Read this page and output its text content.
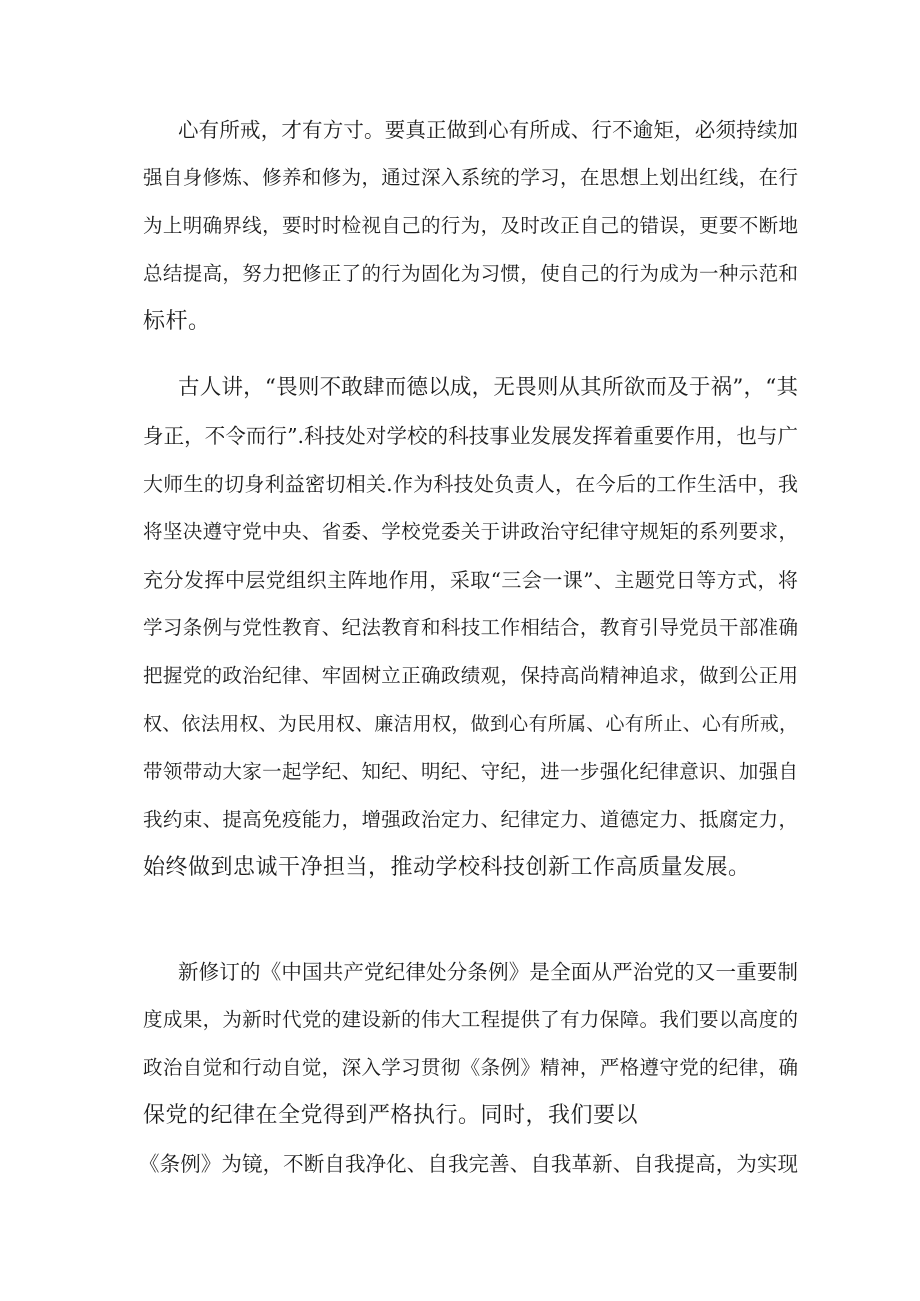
心有所戒，才有方寸。要真正做到心有所成、行不逾矩，必须持续加
强自身修炼、修养和修为，通过深入系统的学习，在思想上划出红线，在行
为上明确界线，要时时检视自己的行为，及时改正自己的错误，更要不断地
总结提高，努力把修正了的行为固化为习惯，使自己的行为成为一种示范和
标杆。
古人讲，“畏则不敢肆而德以成，无畏则从其所欲而及于祸”，“其
身正，不令而行”.科技处对学校的科技事业发展发挥着重要作用，也与广
大师生的切身利益密切相关.作为科技处负责人，在今后的工作生活中，我
将坚决遵守党中央、省委、学校党委关于讲政治守纪律守规矩的系列要求，
充分发挥中层党组织主阵地作用，采取“三会一课”、主题党日等方式，将
学习条例与党性教育、纪法教育和科技工作相结合，教育引导党员干部准确
把握党的政治纪律、牢固树立正确政绩观，保持高尚精神追求，做到公正用
权、依法用权、为民用权、廉洁用权，做到心有所属、心有所止、心有所戒，
带领带动大家一起学纪、知纪、明纪、守纪，进一步强化纪律意识、加强自
我约束、提高免疫能力，增强政治定力、纪律定力、道德定力、抵腐定力，
始终做到忠诚干净担当，推动学校科技创新工作高质量发展。
新修订的《中国共产党纪律处分条例》是全面从严治党的又一重要制
度成果，为新时代党的建设新的伟大工程提供了有力保障。我们要以高度的
政治自觉和行动自觉，深入学习贯彻《条例》精神，严格遵守党的纪律，确
保党的纪律在全党得到严格执行。同时，我们要以
《条例》为镜，不断自我净化、自我完善、自我革新、自我提高，为实现
